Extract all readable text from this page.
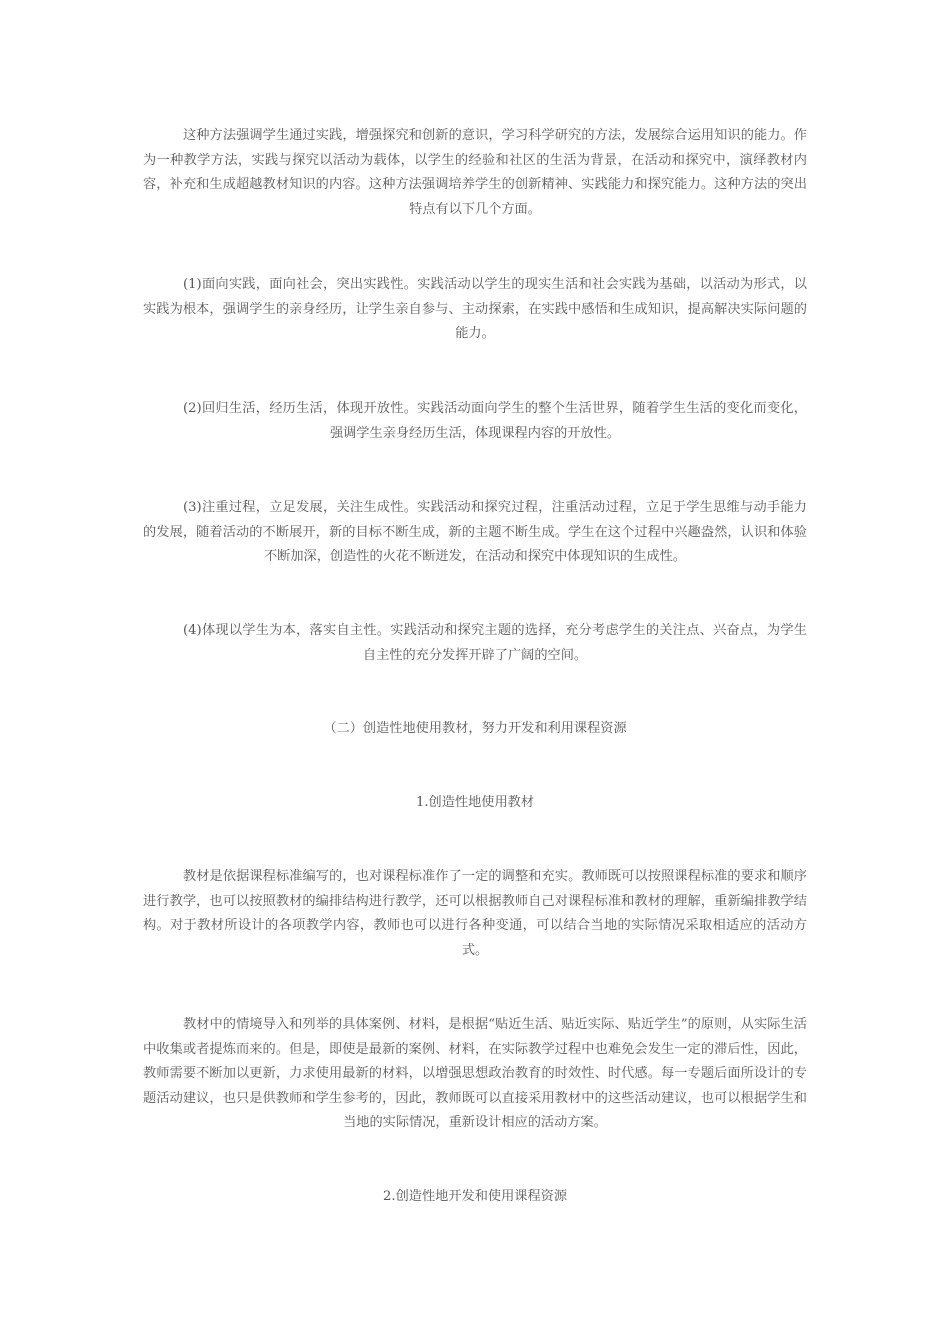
这种方法强调学生通过实践，增强探究和创新的意识，学习科学研究的方法，发展综合运用知识的能力。作为一种教学方法，实践与探究以活动为载体，以学生的经验和社区的生活为背景，在活动和探究中，演绎教材内容，补充和生成超越教材知识的内容。这种方法强调培养学生的创新精神、实践能力和探究能力。这种方法的突出特点有以下几个方面。

(1)面向实践，面向社会，突出实践性。实践活动以学生的现实生活和社会实践为基础，以活动为形式，以实践为根本，强调学生的亲身经历，让学生亲自参与、主动探索，在实践中感悟和生成知识，提高解决实际问题的能力。

(2)回归生活，经历生活，体现开放性。实践活动面向学生的整个生活世界，随着学生生活的变化而变化，强调学生亲身经历生活，体现课程内容的开放性。

(3)注重过程，立足发展，关注生成性。实践活动和探究过程，注重活动过程，立足于学生思维与动手能力的发展，随着活动的不断展开，新的目标不断生成，新的主题不断生成。学生在这个过程中兴趣盎然，认识和体验不断加深，创造性的火花不断迸发，在活动和探究中体现知识的生成性。

(4)体现以学生为本，落实自主性。实践活动和探究主题的选择，充分考虑学生的关注点、兴奋点，为学生自主性的充分发挥开辟了广阔的空间。

（二）创造性地使用教材，努力开发和利用课程资源

1.创造性地使用教材

教材是依据课程标准编写的，也对课程标准作了一定的调整和充实。教师既可以按照课程标准的要求和顺序进行教学，也可以按照教材的编排结构进行教学，还可以根据教师自己对课程标准和教材的理解，重新编排教学结构。对于教材所设计的各项教学内容，教师也可以进行各种变通，可以结合当地的实际情况采取相适应的活动方式。

教材中的情境导入和列举的具体案例、材料，是根据“贴近生活、贴近实际、贴近学生”的原则，从实际生活中收集或者提炼而来的。但是，即使是最新的案例、材料，在实际教学过程中也难免会发生一定的滞后性，因此，教师需要不断加以更新，力求使用最新的材料，以增强思想政治教育的时效性、时代感。每一专题后面所设计的专题活动建议，也只是供教师和学生参考的，因此，教师既可以直接采用教材中的这些活动建议，也可以根据学生和当地的实际情况，重新设计相应的活动方案。

2.创造性地开发和使用课程资源
